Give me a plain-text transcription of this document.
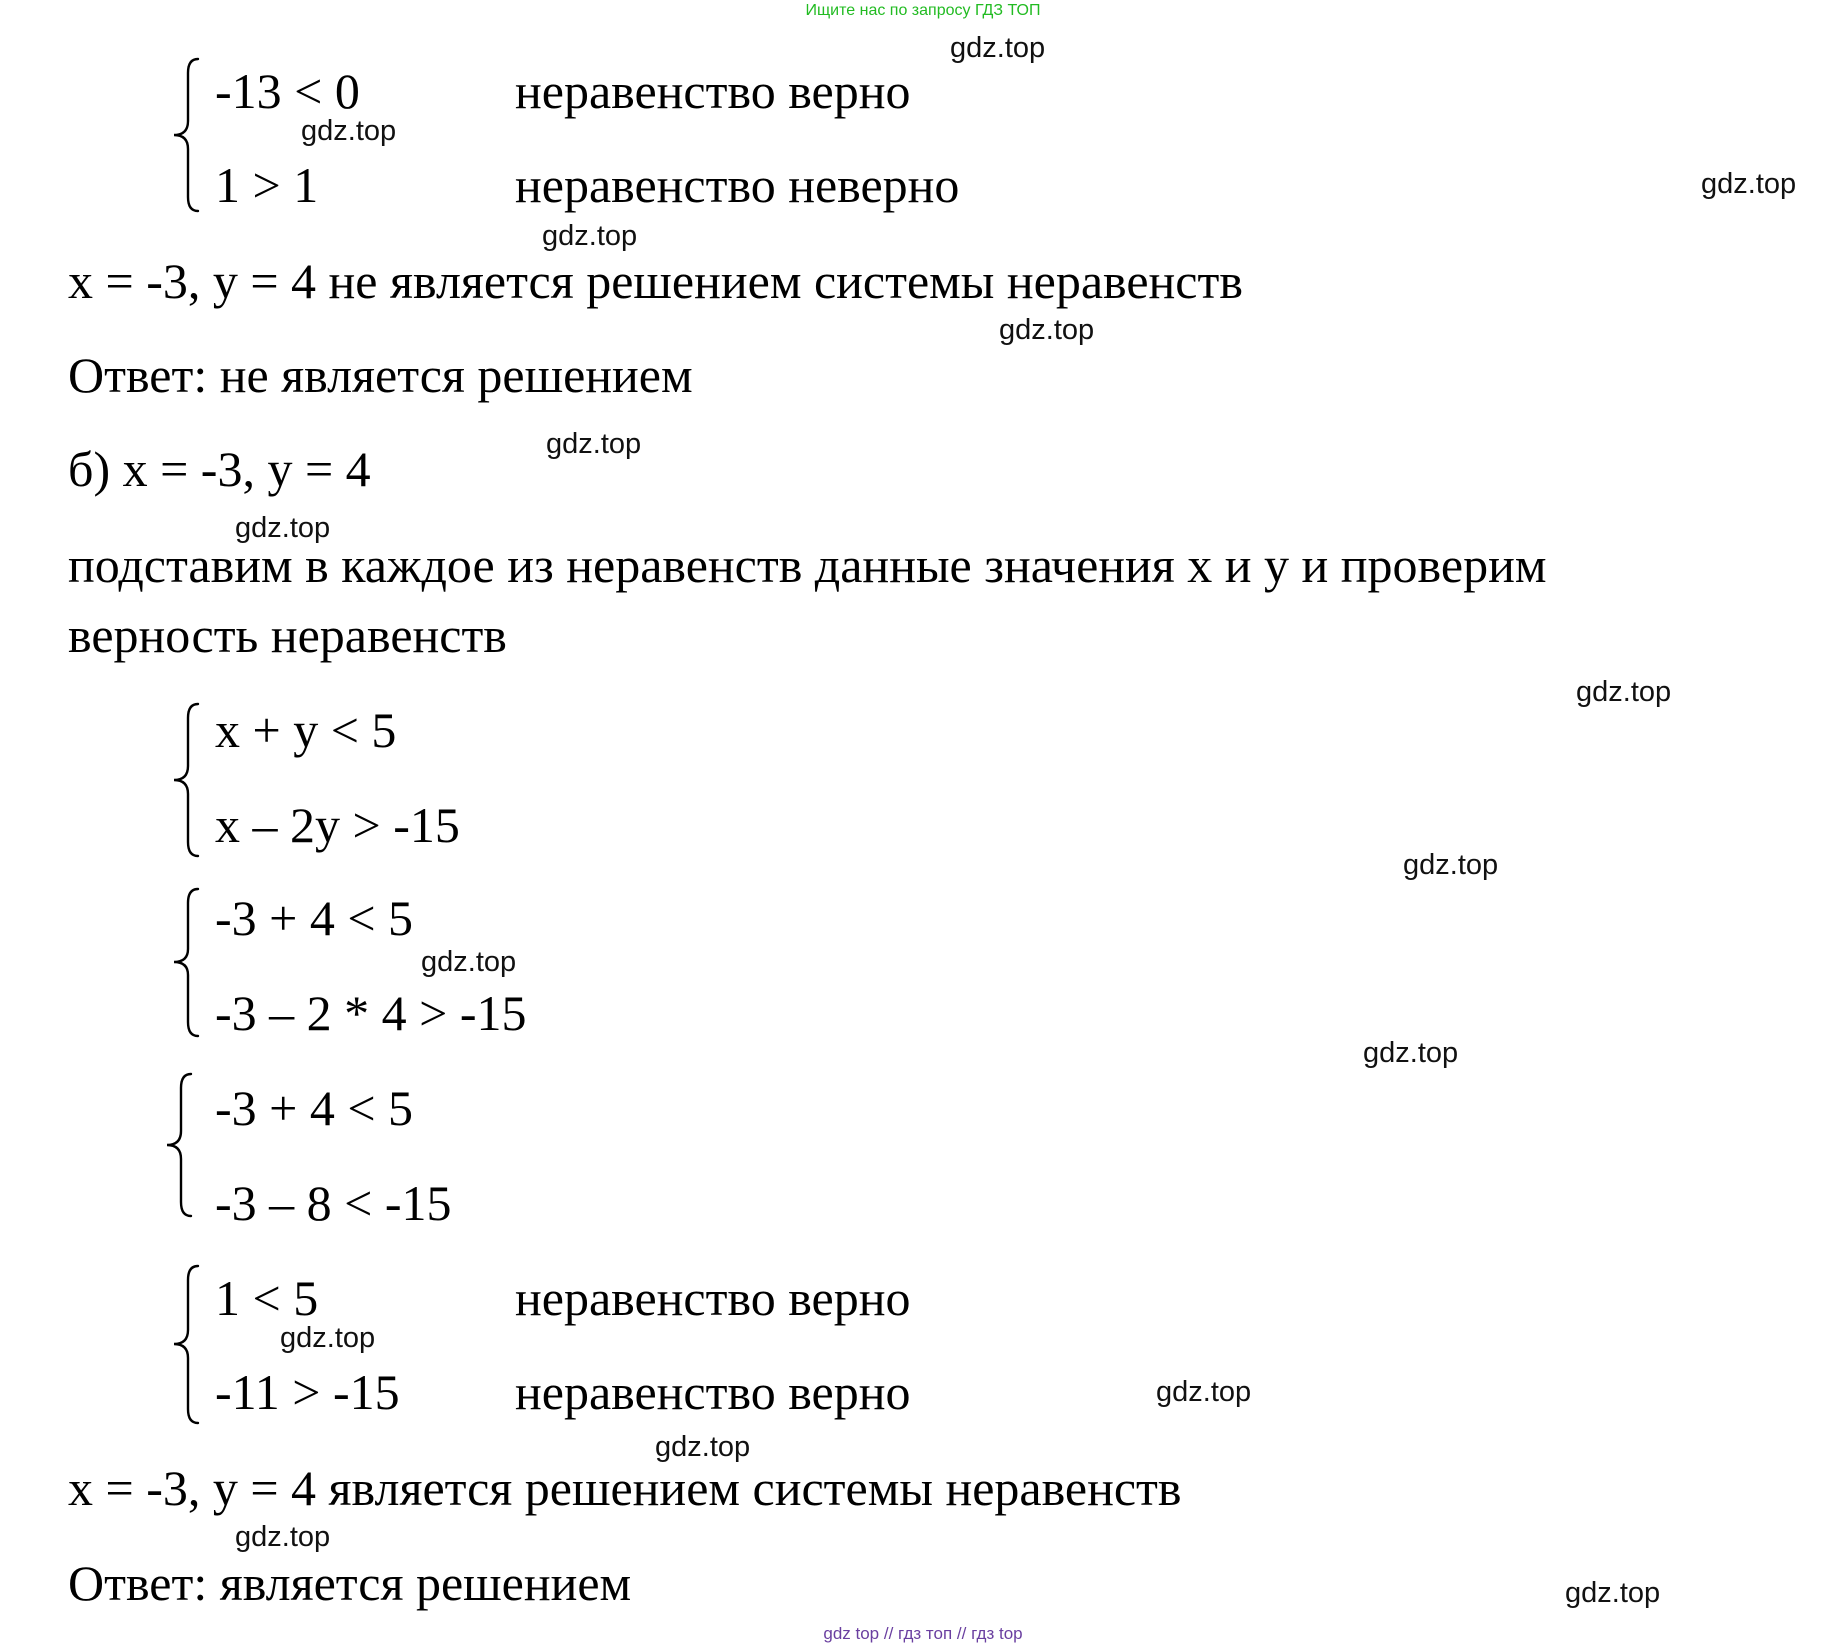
Ищите нас по запросу ГДЗ ТОП
-13 < 0	неравенство верно
1 > 1	неравенство неверно
x = -3, y = 4 не является решением системы неравенств
Ответ: не является решением
б) x = -3, y = 4
подставим в каждое из неравенств данные значения x и y и проверим
верность неравенств
x + y < 5
x – 2y > -15
-3 + 4 < 5
-3 – 2 * 4 > -15
-3 + 4 < 5
-3 – 8 < -15
1 < 5	неравенство верно
-11 > -15 неравенство верно
x = -3, y = 4 является решением системы неравенств
Ответ: является решением
gdz.top
gdz.top
gdz.top
gdz.top
gdz.top
gdz.top
gdz.top
gdz.top
gdz.top
gdz.top
gdz.top
gdz.top
gdz.top
gdz.top
gdz.top
gdz.top
gdz top // гдз топ // гдз top
